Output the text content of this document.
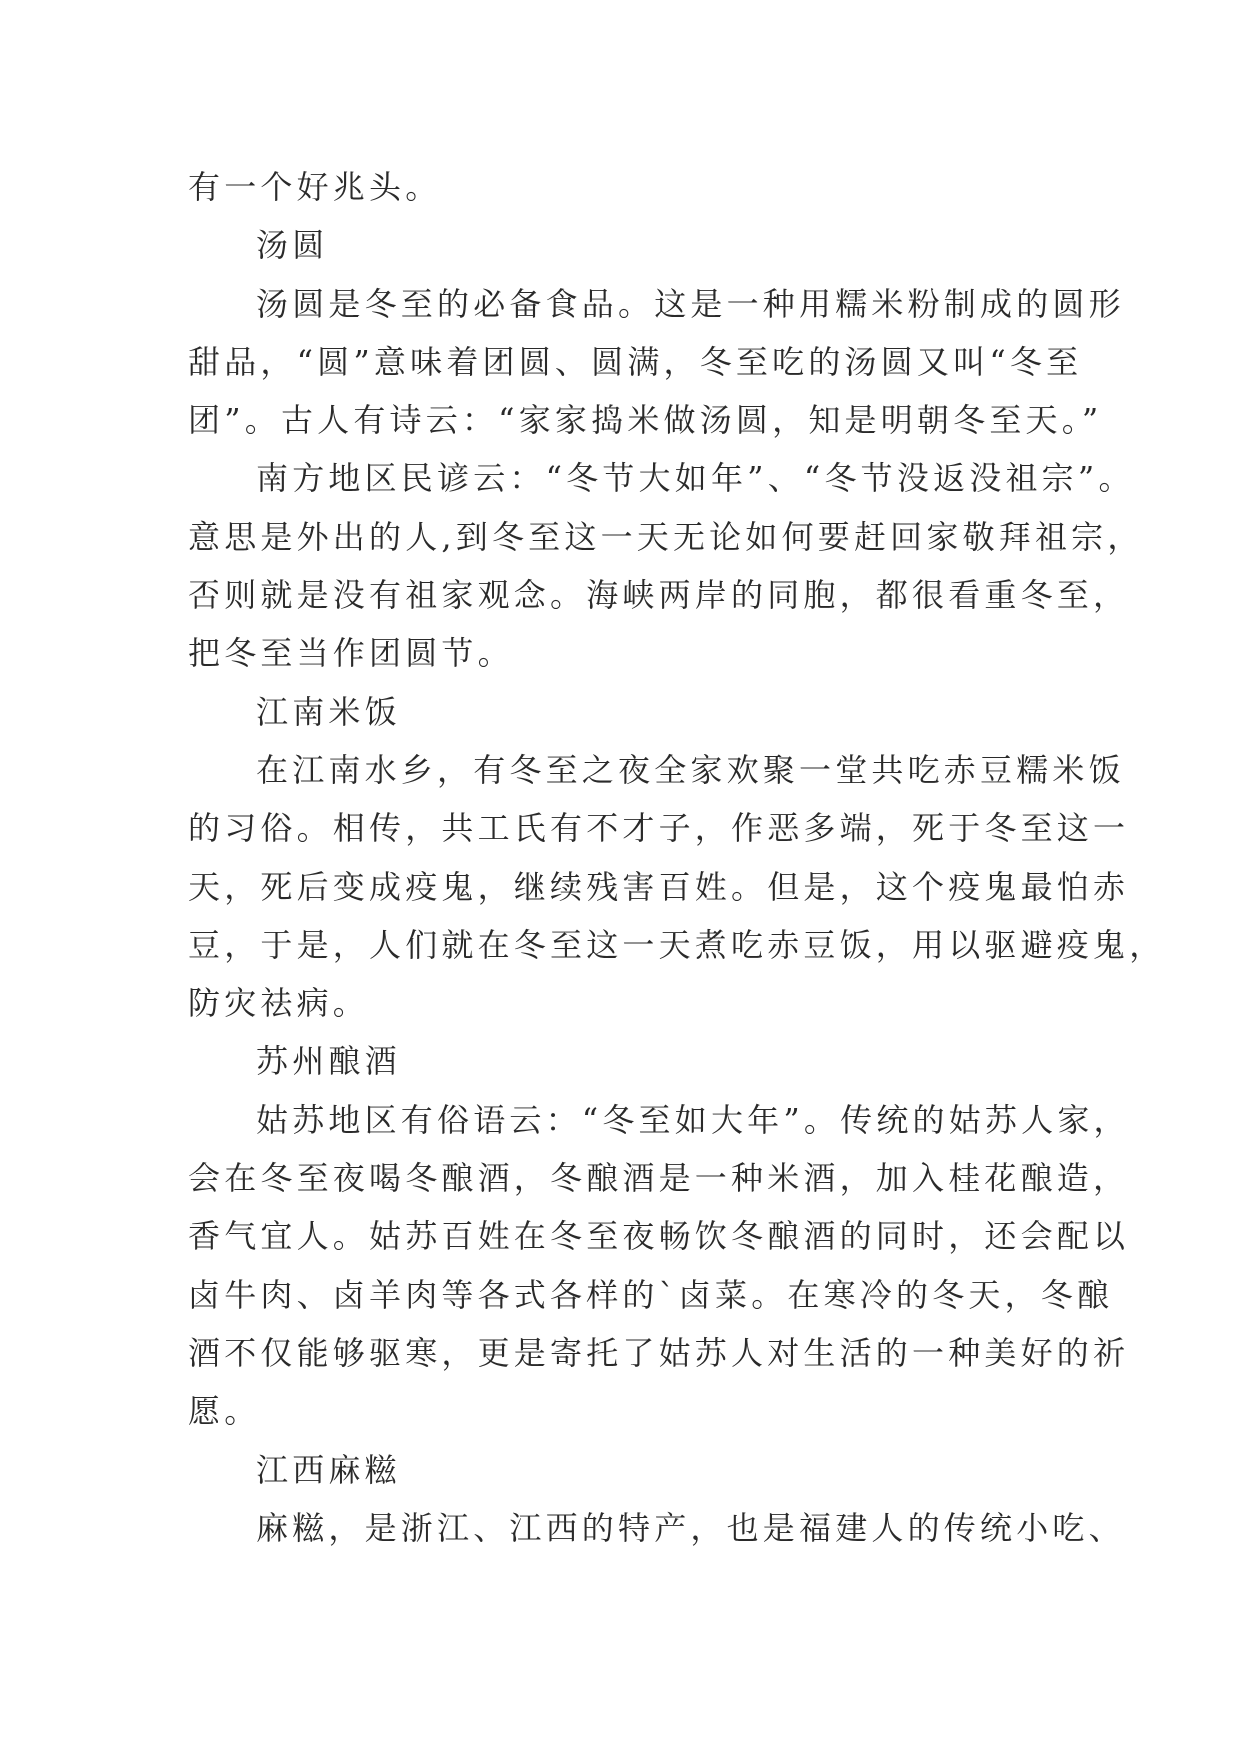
有一个好兆头。
汤圆
汤圆是冬至的必备食品。这是一种用糯米粉制成的圆形
甜品，“圆”意味着团圆、圆满，冬至吃的汤圆又叫“冬至
团”。古人有诗云：“家家捣米做汤圆，知是明朝冬至天。”
南方地区民谚云：“冬节大如年”、“冬节没返没祖宗”。
意思是外出的人,到冬至这一天无论如何要赶回家敬拜祖宗，
否则就是没有祖家观念。海峡两岸的同胞，都很看重冬至，
把冬至当作团圆节。
江南米饭
在江南水乡，有冬至之夜全家欢聚一堂共吃赤豆糯米饭
的习俗。相传，共工氏有不才子，作恶多端，死于冬至这一
天，死后变成疫鬼，继续残害百姓。但是，这个疫鬼最怕赤
豆，于是，人们就在冬至这一天煮吃赤豆饭，用以驱避疫鬼，
防灾祛病。
苏州酿酒
姑苏地区有俗语云：“冬至如大年”。传统的姑苏人家，
会在冬至夜喝冬酿酒，冬酿酒是一种米酒，加入桂花酿造，
香气宜人。姑苏百姓在冬至夜畅饮冬酿酒的同时，还会配以
卤牛肉、卤羊肉等各式各样的`卤菜。在寒冷的冬天，冬酿
酒不仅能够驱寒，更是寄托了姑苏人对生活的一种美好的祈
愿。
江西麻糍
麻糍，是浙江、江西的特产，也是福建人的传统小吃、
